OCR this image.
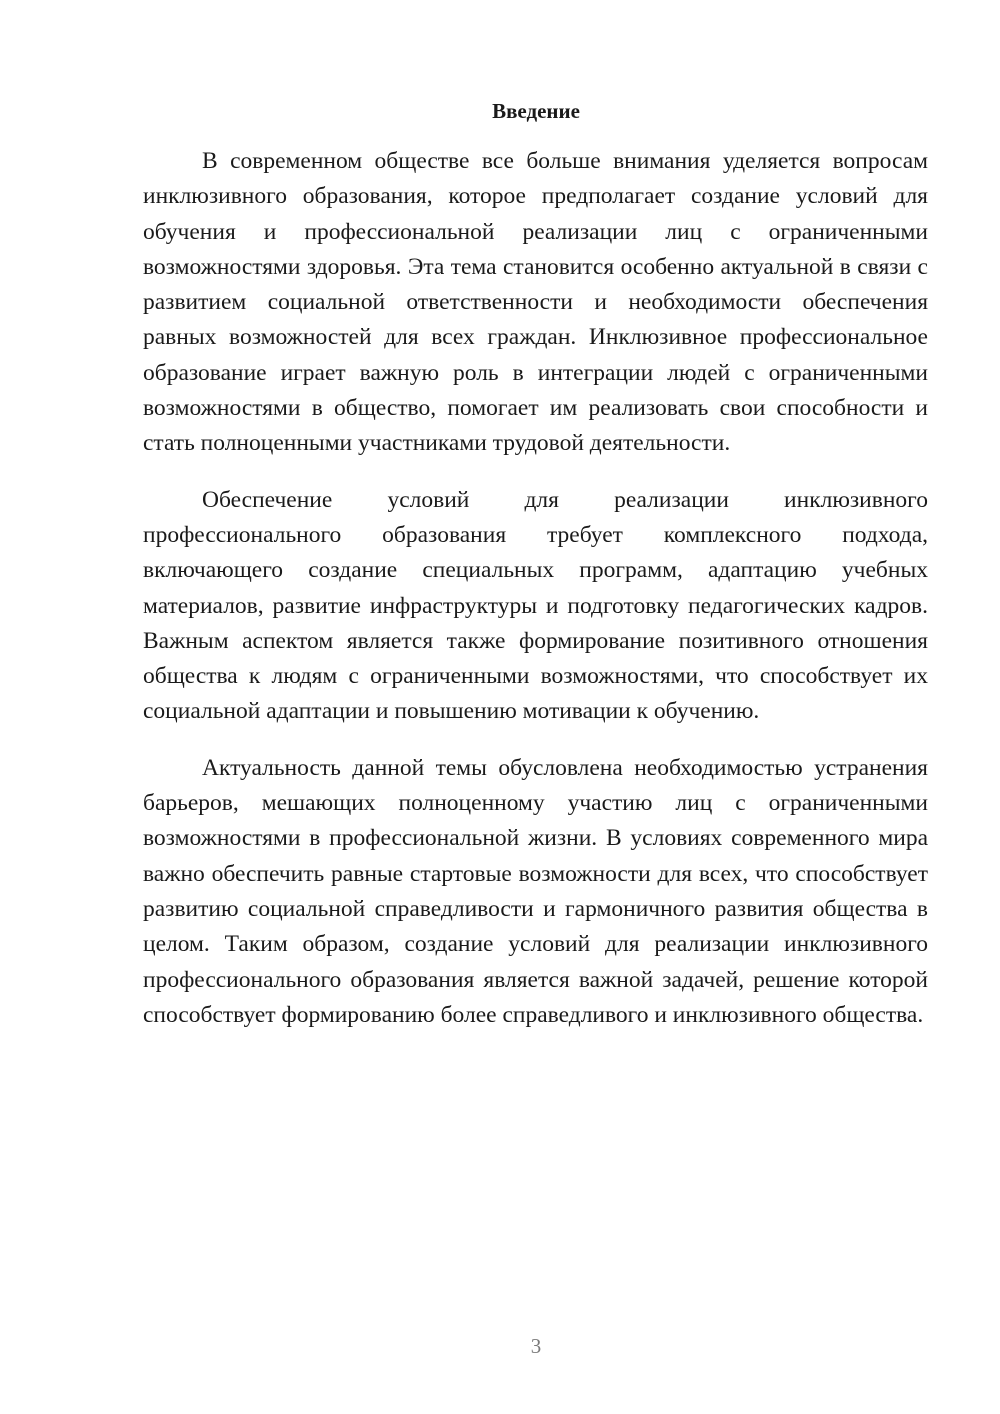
Введение

В современном обществе все больше внимания уделяется вопросам инклюзивного образования, которое предполагает создание условий для обучения и профессиональной реализации лиц с ограниченными возможностями здоровья. Эта тема становится особенно актуальной в связи с развитием социальной ответственности и необходимости обеспечения равных возможностей для всех граждан. Инклюзивное профессиональное образование играет важную роль в интеграции людей с ограниченными возможностями в общество, помогает им реализовать свои способности и стать полноценными участниками трудовой деятельности.

Обеспечение условий для реализации инклюзивного профессионального образования требует комплексного подхода, включающего создание специальных программ, адаптацию учебных материалов, развитие инфраструктуры и подготовку педагогических кадров. Важным аспектом является также формирование позитивного отношения общества к людям с ограниченными возможностями, что способствует их социальной адаптации и повышению мотивации к обучению.

Актуальность данной темы обусловлена необходимостью устранения барьеров, мешающих полноценному участию лиц с ограниченными возможностями в профессиональной жизни. В условиях современного мира важно обеспечить равные стартовые возможности для всех, что способствует развитию социальной справедливости и гармоничного развития общества в целом. Таким образом, создание условий для реализации инклюзивного профессионального образования является важной задачей, решение которой способствует формированию более справедливого и инклюзивного общества.

3
